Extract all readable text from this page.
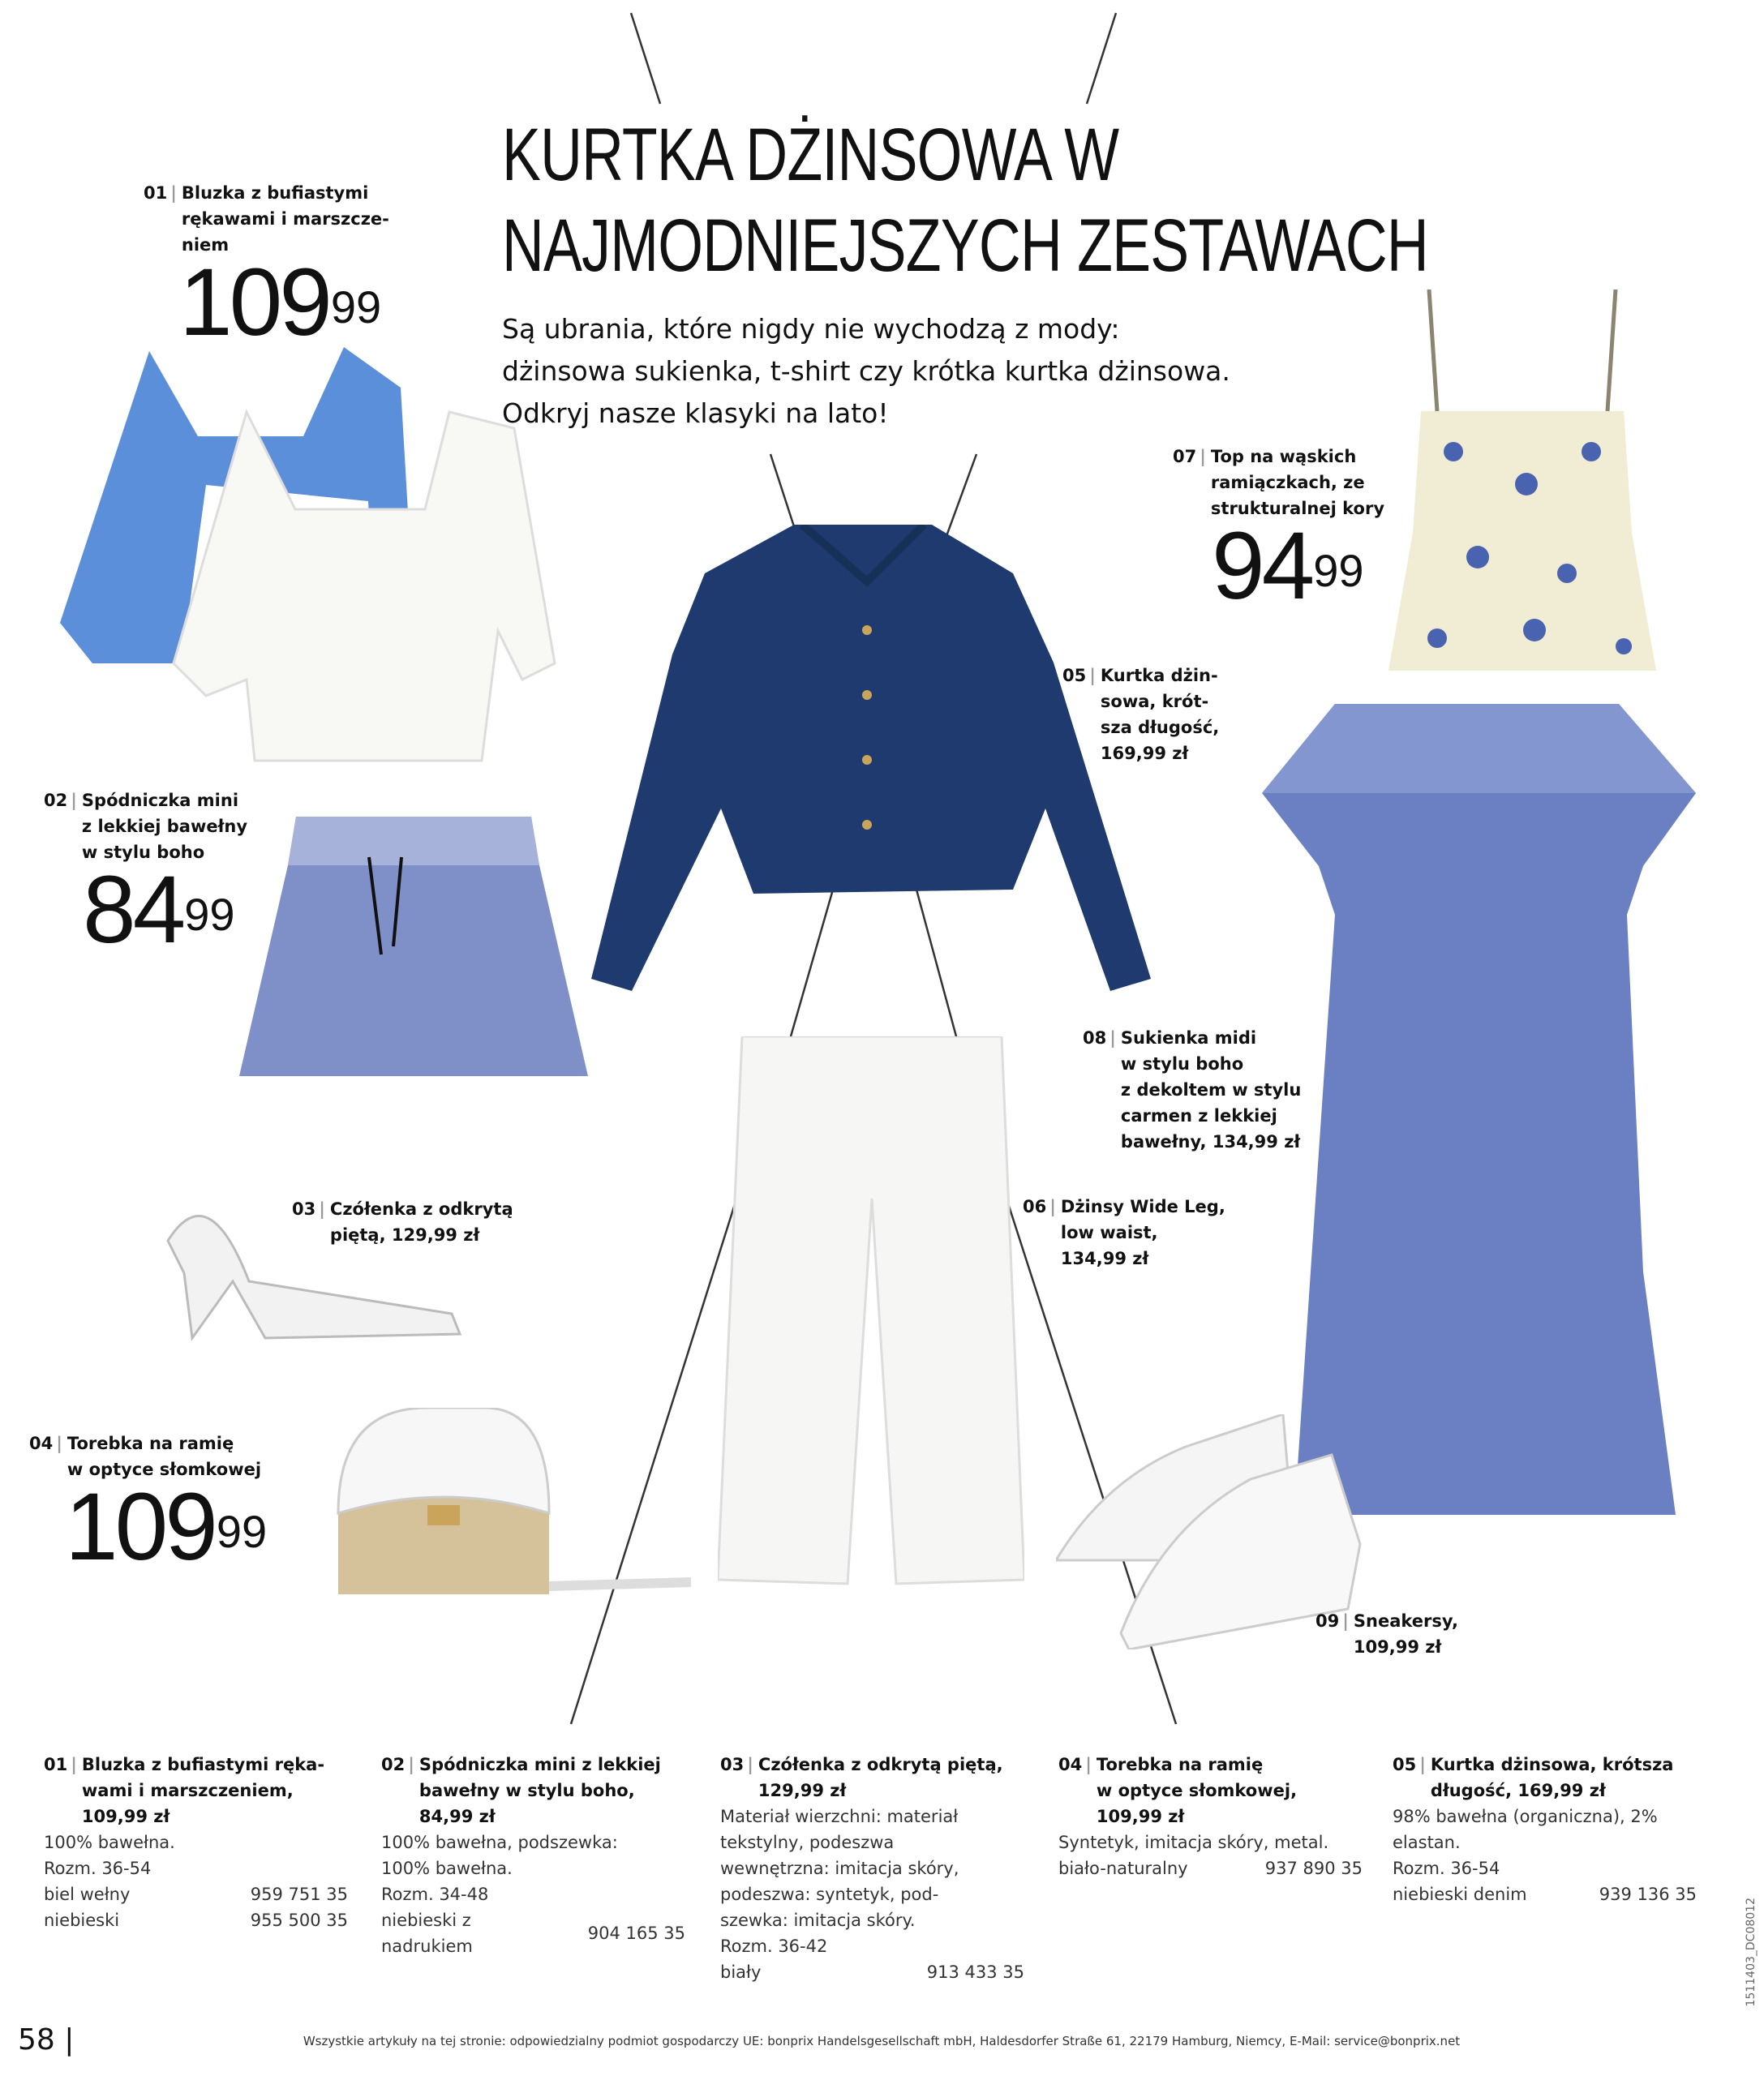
KURTKA DŻINSOWA W
NAJMODNIEJSZYCH ZESTAWACH
Są ubrania, które nigdy nie wychodzą z mody:
dżinsowa sukienka, t-shirt czy krótka kurtka dżinsowa.
Odkryj nasze klasyki na lato!
01 | Bluzka z bufiastymi
rękawami i marszcze-
niem
$109^{99}$
07 | Top na wąskich
ramiączkach, ze
strukturalnej kory
$94^{99}$
05 | Kurtka dżin-
sowa, krót-
sza długość,
169,99 zł
02 | Spódniczka mini
z lekkiej bawełny
w stylu boho
$84^{99}$
08 | Sukienka midi
w stylu boho
z dekoltem w stylu
carmen z lekkiej
bawełny, 134,99 zł
03 | Czółenka z odkrytą
piętą, 129,99 zł
06 | Dżinsy Wide Leg,
low waist,
134,99 zł
04 | Torebka na ramię
w optyce słomkowej
$109^{99}$
09 | Sneakersy,
109,99 zł
01 | Bluzka z bufiastymi ręka-
wami i marszczeniem,
109,99 zł
100% bawełna.
Rozm. 36-54
biel wełny	959 751 35
niebieski	955 500 35
02 | Spódniczka mini z lekkiej
bawełny w stylu boho,
84,99 zł
100% bawełna, podszewka:
100% bawełna.
Rozm. 34-48
niebieski z
nadrukiem
904 165 35
03 | Czółenka z odkrytą piętą,
129,99 zł
Materiał wierzchni: materiał
tekstylny, podeszwa
wewnętrzna: imitacja skóry,
podeszwa: syntetyk, pod-
szewka: imitacja skóry.
Rozm. 36-42
biały	913 433 35
04 | Torebka na ramię
w optyce słomkowej,
109,99 zł
Syntetyk, imitacja skóry, metal.

biało-naturalny	937 890 35
05 | Kurtka dżinsowa, krótsza
długość, 169,99 zł
98% bawełna (organiczna), 2%
elastan.
Rozm. 36-54
niebieski denim	939 136 35
58 |	Wszystkie artykuły na tej stronie: odpowiedzialny podmiot gospodarczy UE: bonprix Handelsgesellschaft mbH, Haldesdorfer Straße 61, 22179 Hamburg, Niemcy, E-Mail: service@bonprix.net
1511403_DC08012
